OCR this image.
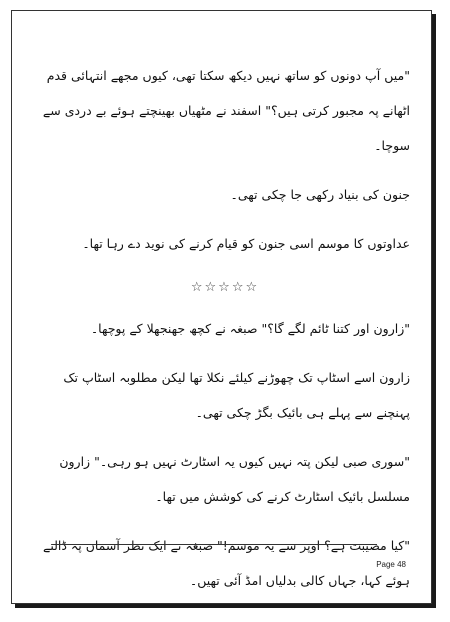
"میں آپ دونوں کو ساتھ نہیں دیکھ سکتا تھی، کیوں مجھے انتہائی قدم اٹھانے پہ مجبور کرتی ہیں؟" اسفند نے مٹھیاں بھینچتے ہوئے بے دردی سے سوچا۔

جنون کی بنیاد رکھی جا چکی تھی۔

عداوتوں کا موسم اسی جنون کو قیام کرنے کی نوید دے رہا تھا۔

☆☆☆☆☆

"زارون اور کتنا ٹائم لگے گا؟" صبغہ نے کچھ جھنجھلا کے پوچھا۔

زارون اسے اسٹاپ تک چھوڑنے کیلئے نکلا تھا لیکن مطلوبہ اسٹاپ تک پہنچنے سے پہلے ہی بائیک بگڑ چکی تھی۔

"سوری صبی لیکن پتہ نہیں کیوں یہ اسٹارٹ نہیں ہو رہی۔" زارون مسلسل بائیک اسٹارٹ کرنے کی کوشش میں تھا۔

"کیا مصیبت ہے؟ اوپر سے یہ موسم!" صبغہ نے ایک نظر آسمان پہ ڈالتے ہوئے کہا، جہاں کالی بدلیاں امڈ آئی تھیں۔

Page 48
